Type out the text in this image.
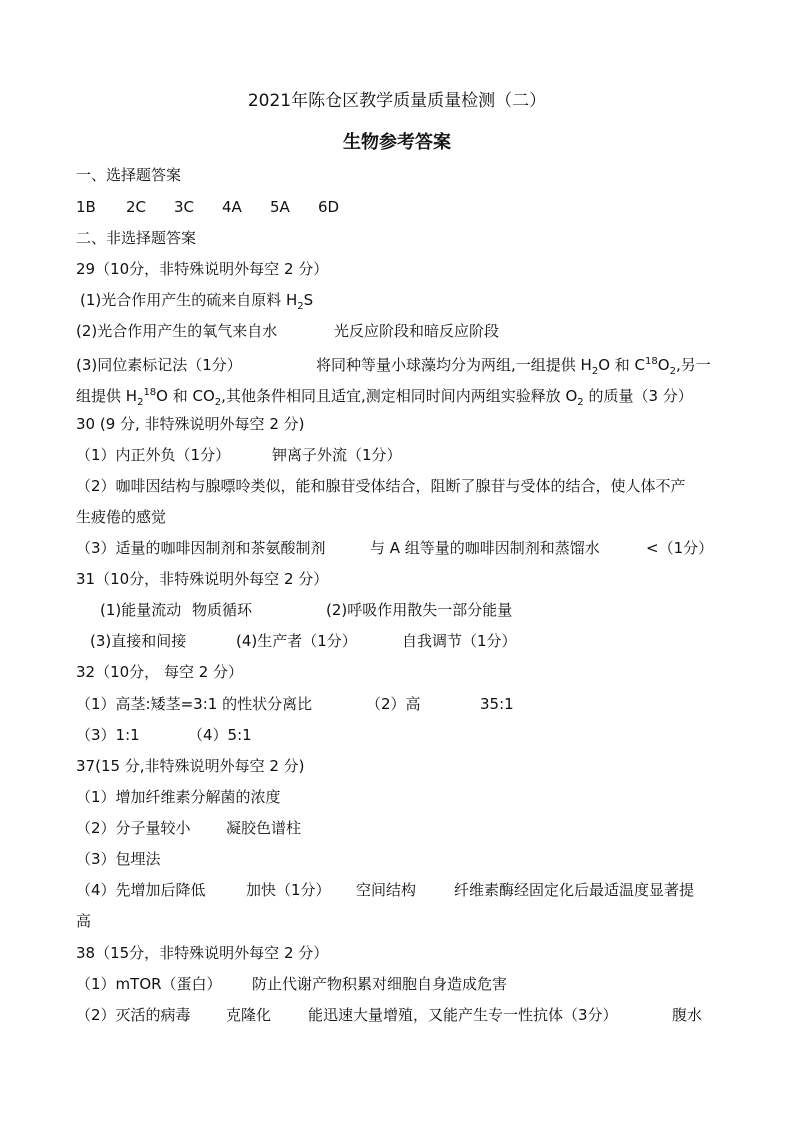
2021年陈仓区教学质量质量检测（二）
生物参考答案
一、选择题答案
1B 2C 3C 4A 5A 6D
二、非选择题答案
29（10分，非特殊说明外每空 2 分）
(1)光合作用产生的硫来自原料 $H_2S$
(2)光合作用产生的氧气来自水	光反应阶段和暗反应阶段
(3)同位素标记法（1分）	将同种等量小球藻均分为两组,一组提供 $H_2O$ 和 $C^{18}O_2$,另一
组提供 $H_2^{18}O$ 和 $CO_2$,其他条件相同且适宜,测定相同时间内两组实验释放 $O_2$ 的质量（3 分）
30 (9 分, 非特殊说明外每空 2 分)
（1）内正外负（1分）	钾离子外流（1分）
（2）咖啡因结构与腺嘌呤类似，能和腺苷受体结合，阻断了腺苷与受体的结合，使人体不产
生疲倦的感觉
（3）适量的咖啡因制剂和茶氨酸制剂	与 A 组等量的咖啡因制剂和蒸馏水	<（1分）
31（10分，非特殊说明外每空 2 分）
(1)能量流动 物质循环	(2)呼吸作用散失一部分能量
(3)直接和间接	(4)生产者（1分）	自我调节（1分）
32（10分， 每空 2 分）
（1）高茎:矮茎=3:1 的性状分离比	（2）高	35:1
（3）1:1	（4）5:1
37(15 分,非特殊说明外每空 2 分)
（1）增加纤维素分解菌的浓度
（2）分子量较小 凝胶色谱柱
（3）包埋法
（4）先增加后降低	加快（1分） 空间结构	纤维素酶经固定化后最适温度显著提
高
38（15分，非特殊说明外每空 2 分）
（1）mTOR（蛋白） 防止代谢产物积累对细胞自身造成危害
（2）灭活的病毒 克隆化 能迅速大量增殖，又能产生专一性抗体（3分）	腹水
